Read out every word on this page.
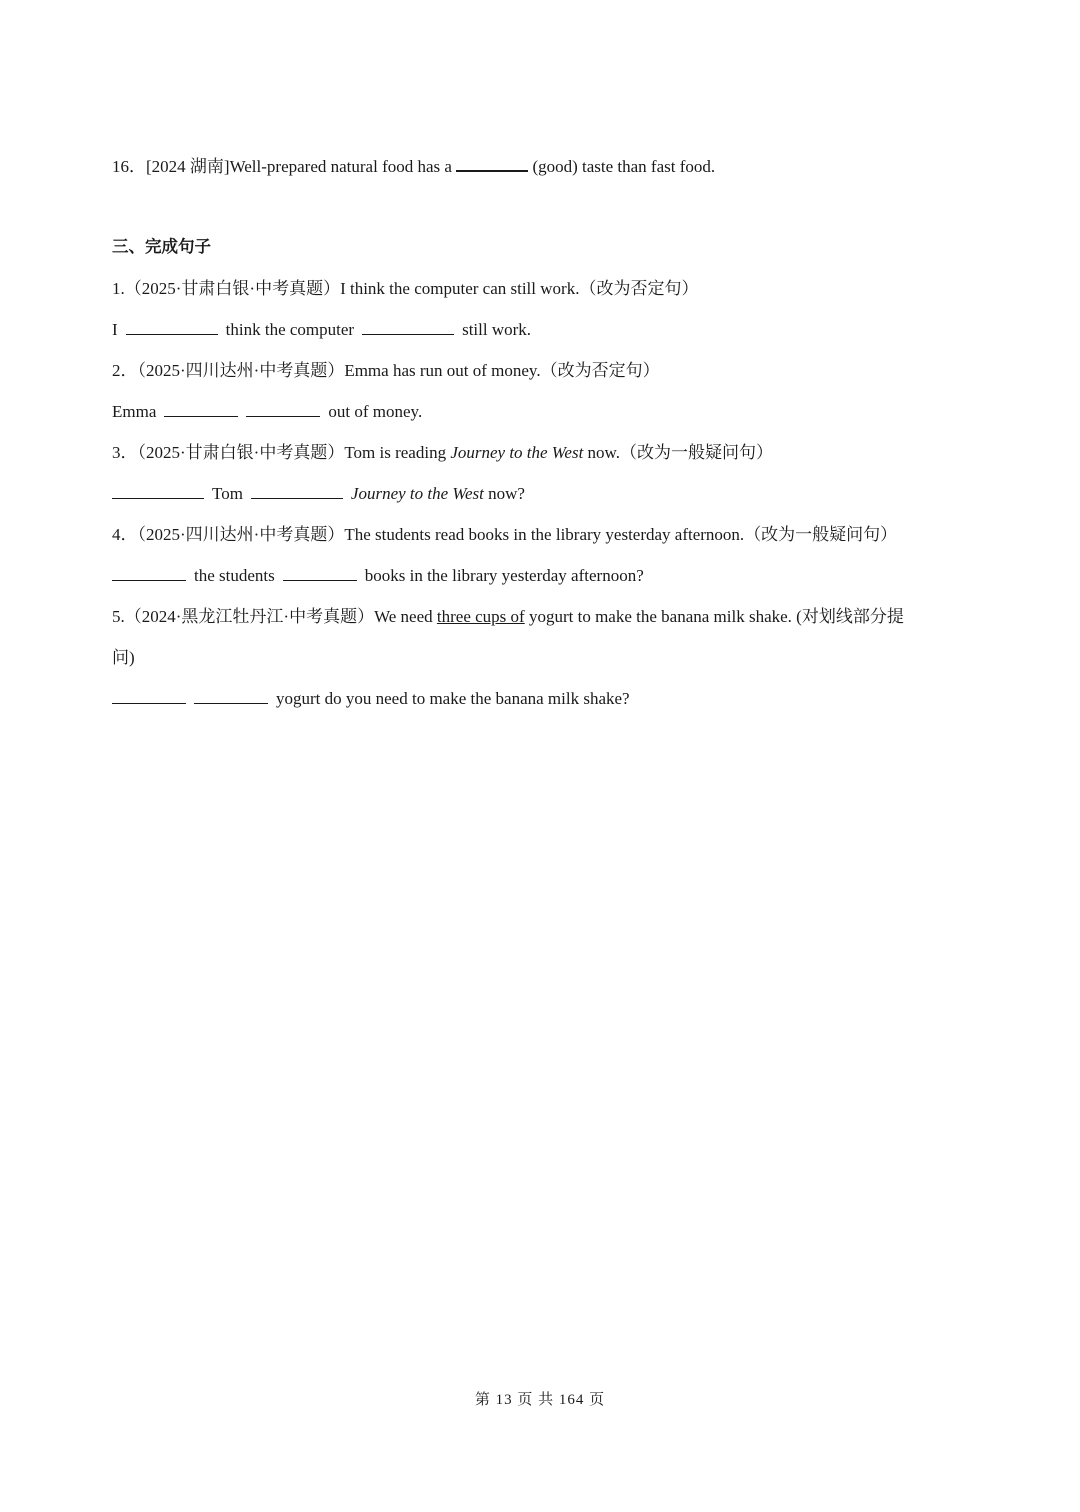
16．[2024 湖南]Well-prepared natural food has a	(good) taste than fast food.
三、完成句子
1.（2025·甘肃白银·中考真题）I think the computer can still work.（改为否定句）
I	think the computer	still work.
2．（2025·四川达州·中考真题）Emma has run out of money.（改为否定句）
Emma	out of money.
3．（2025·甘肃白银·中考真题）Tom is reading Journey to the West now.（改为一般疑问句）
Tom	Journey to the West now?
4．（2025·四川达州·中考真题）The students read books in the library yesterday afternoon.（改为一般疑问句）
the students	books in the library yesterday afternoon?
5.（2024·黑龙江牡丹江·中考真题）We need three cups of yogurt to make the banana milk shake. (对划线部分提
问)
yogurt do you need to make the banana milk shake?
第 13 页 共 164 页
